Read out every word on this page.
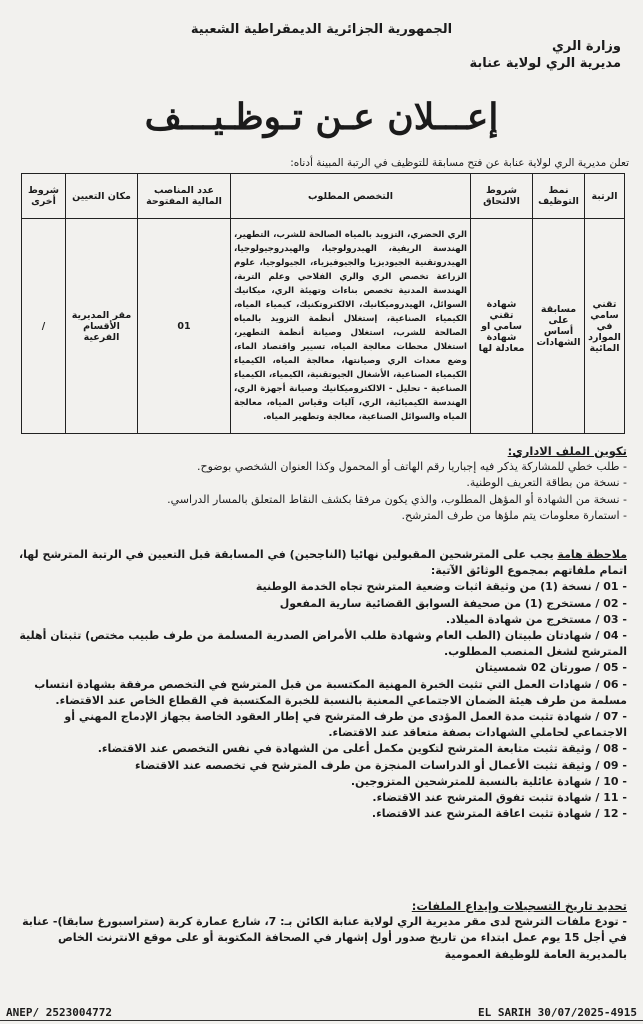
الجمهورية الجزائرية الديمقراطية الشعبية
وزارة الري
مديرية الري لولاية عنابة
إعـــلان عـن تـوظـيـــف
تعلن مديرية الري لولاية عنابة عن فتح مسابقة للتوظيف في الرتبة المبينة أدناه:
الرتبة	نمط التوظيف	شروط الالتحاق	التخصص المطلوب	عدد المناصب المالية المفتوحة	مكان التعيين	شروط أخرى
تقني سامي في الموارد المائية	مسابقة على أساس الشهادات	شهادة تقني سامي او شهادة معادلة لها	الري الحضري، التزويد بالمياه الصالحة للشرب، التطهير، الهندسة الريفية، الهيدرولوجيا، والهيدروجيولوجيا، الهيدروتقنية الجيوديزيا والجيوفيزياء، الجيولوجيا، علوم الزراعة تخصص الري والري الفلاحي وعلم التربة، الهندسة المدنية تخصص بناءات وتهيئة الري، ميكانيك السوائل، الهيدروميكانيك، الالكتروتكنيك، كيمياء المياه، الكيمياء الصناعية، إستغلال أنظمة التزويد بالمياه الصالحة للشرب، استغلال وصيانة أنظمة التطهير، استغلال محطات معالجة المياه، تسيير واقتصاد الماء، وضع معدات الري وصيانتها، معالجة المياه، الكيمياء الكيمياء الصناعية، الأشغال الجيوتقنية، الكيمياء، الكيمياء الصناعية - تحليل - الالكتروميكانيك وصيانة أجهزة الري، الهندسة الكيميائية، الري، آليات وقياس المياه، معالجة المياه والسوائل الصناعية، معالجة وتطهير المياه.	01	مقر المديرية الأقسام الفرعية	/
تكوين الملف الاداري:
- طلب خطي للمشاركة يذكر فيه إجباريا رقم الهاتف أو المحمول وكذا العنوان الشخصي بوضوح.
- نسخة من بطاقة التعريف الوطنية.
- نسخة من الشهادة أو المؤهل المطلوب، والذي يكون مرفقا بكشف النقاط المتعلق بالمسار الدراسي.
- استمارة معلومات يتم ملؤها من طرف المترشح.
ملاحظة هامة يجب على المترشحين المقبولين نهائيا (الناجحين) في المسابقة قبل التعيين في الرتبة المترشح لها، اتمام ملفاتهم بمجموع الوثائق الآتية:
- 01 / نسخة (1) من وثيقة اثبات وضعية المترشح تجاه الخدمة الوطنية
- 02 / مستخرج (1) من صحيفة السوابق القضائية سارية المفعول
- 03 / مستخرج من شهادة الميلاد.
- 04 / شهادتان طبيتان (الطب العام وشهادة طلب الأمراض الصدرية المسلمة من طرف طبيب مختص) تثبتان أهلية المترشح لشغل المنصب المطلوب.
- 05 / صورتان 02 شمسيتان
- 06 / شهادات العمل التي تثبت الخبرة المهنية المكتسبة من قبل المترشح في التخصص مرفقة بشهادة انتساب مسلمة من طرف هيئة الضمان الاجتماعي المعنية بالنسبة للخبرة المكتسبة في القطاع الخاص عند الاقتضاء.
- 07 / شهادة تثبت مدة العمل المؤدى من طرف المترشح في إطار العقود الخاصة بجهاز الإدماج المهني أو الاجتماعي لحاملي الشهادات بصفة متعاقد عند الاقتضاء.
- 08 / وثيقة تثبت متابعة المترشح لتكوين مكمل أعلى من الشهادة في نفس التخصص عند الاقتضاء.
- 09 / وثيقة تثبت الأعمال أو الدراسات المنجزة من طرف المترشح في تخصصه عند الاقتضاء
- 10 / شهادة عائلية بالنسبة للمترشحين المتزوجين.
- 11 / شهادة تثبت تفوق المترشح عند الاقتضاء.
- 12 / شهادة تثبت اعاقة المترشح عند الاقتضاء.
تحديد تاريخ التسجيلات وإيداع الملفات:
- تودع ملفات الترشح لدى مقر مديرية الري لولاية عنابة الكائن بـ: 7، شارع عمارة كربة (ستراسبورغ سابقا)- عنابة في أجل 15 يوم عمل ابتداء من تاريخ صدور أول إشهار في الصحافة المكتوبة أو على موقع الانترنت الخاص بالمديرية العامة للوظيفة العمومية
ANEP/ 2523004772	EL SARIH 30/07/2025-4915
